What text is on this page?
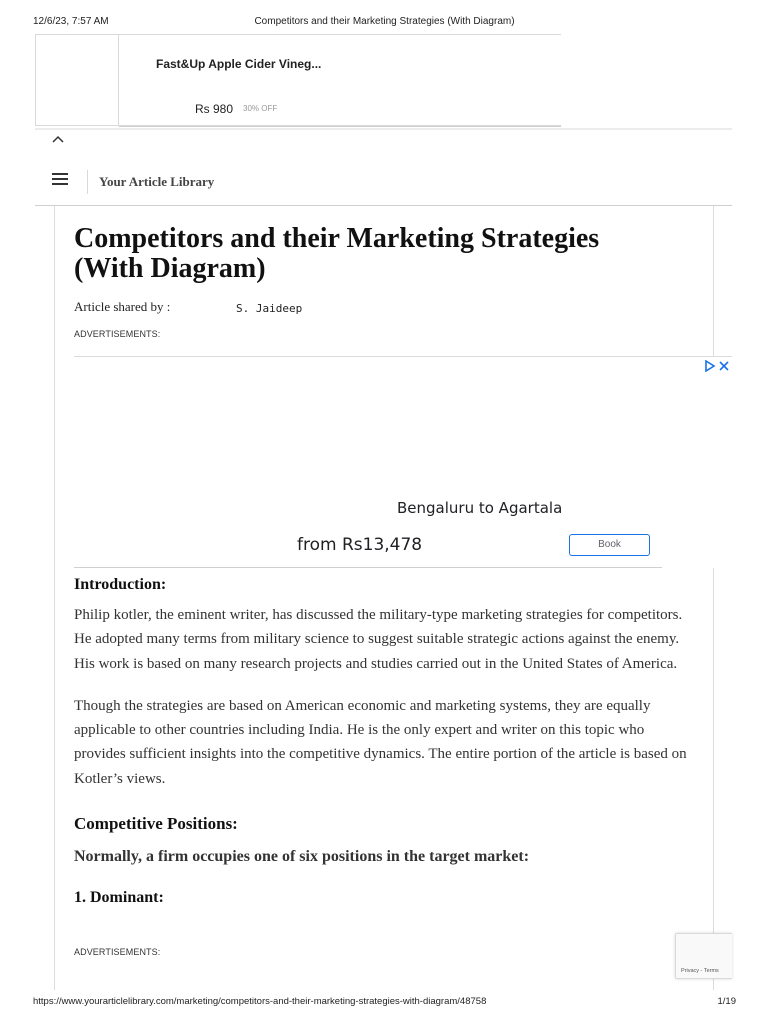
12/6/23, 7:57 AM	Competitors and their Marketing Strategies (With Diagram)
Fast&Up Apple Cider Vineg...
Rs 980 30% OFF
Your Article Library
Competitors and their Marketing Strategies (With Diagram)
Article shared by :	S. Jaideep
ADVERTISEMENTS:
Bengaluru to Agartala
from Rs13,478	Book
Introduction:

Philip kotler, the eminent writer, has discussed the military-type marketing strategies for competitors. He adopted many terms from military science to suggest suitable strategic actions against the enemy. His work is based on many research projects and studies carried out in the United States of America.

Though the strategies are based on American economic and marketing systems, they are equally applicable to other countries including India. He is the only expert and writer on this topic who provides sufficient insights into the competitive dynamics. The entire portion of the article is based on Kotler’s views.

Competitive Positions:

Normally, a firm occupies one of six positions in the target market:

1. Dominant:
ADVERTISEMENTS:
Privacy - Terms
https://www.yourarticlelibrary.com/marketing/competitors-and-their-marketing-strategies-with-diagram/48758	1/19
